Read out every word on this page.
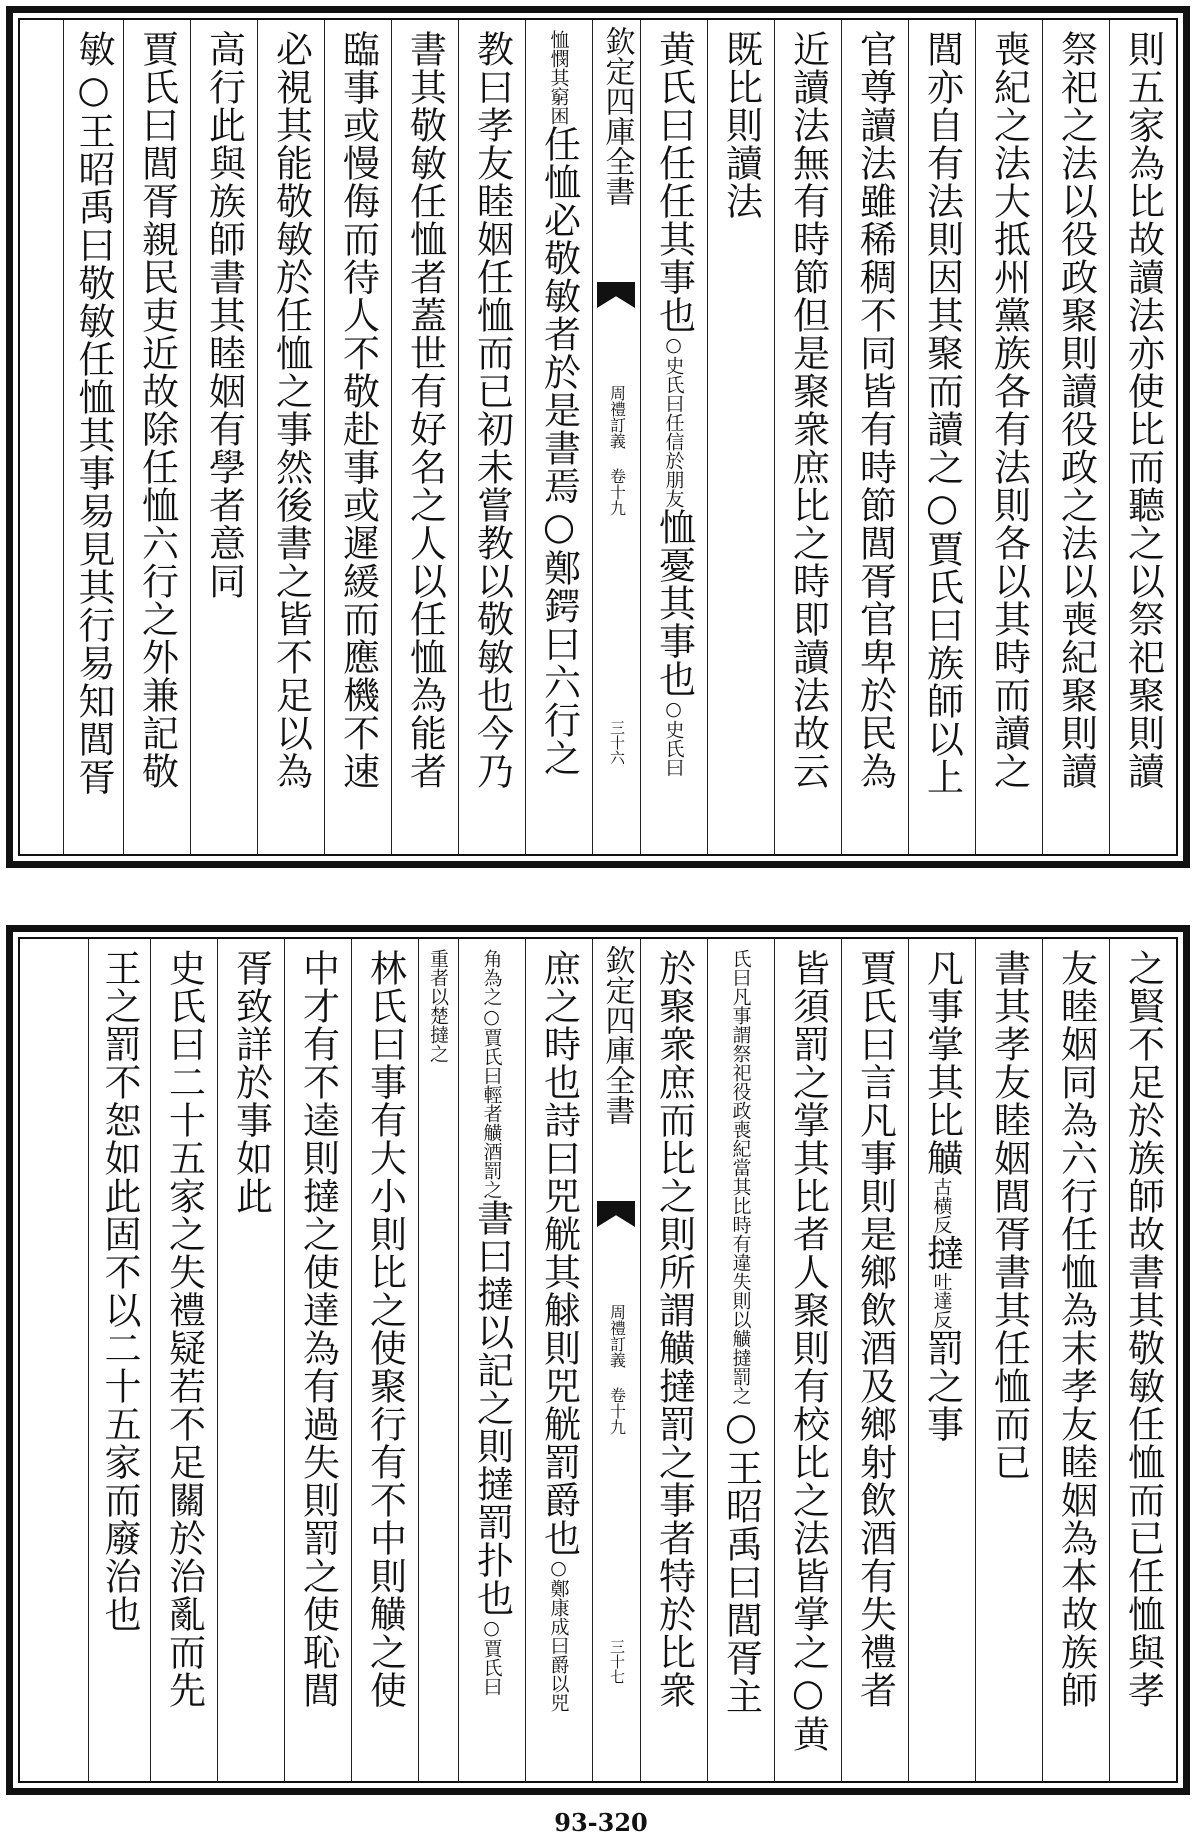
則五家為比故讀法亦使比而聽之以祭祀聚則讀
祭祀之法以役政聚則讀役政之法以喪紀聚則讀
喪紀之法大抵州黨族各有法則各以其時而讀之
閭亦自有法則因其聚而讀之○賈氏曰族師以上
官尊讀法雖稀稠不同皆有時節閭胥官卑於民為
近讀法無有時節但是聚衆庶比之時即讀法故云
既比則讀法
黄氏曰任任其事也○史氏曰任信於朋友恤憂其事也○史氏曰
欽定四庫全書
周禮訂義 卷十九
三十六
恤憫其窮困任恤必敬敏者於是書焉○鄭鍔曰六行之
教曰孝友睦姻任恤而已初未嘗教以敬敏也今乃
書其敬敏任恤者蓋世有好名之人以任恤為能者
臨事或慢侮而待人不敬赴事或遲緩而應機不速
必視其能敬敏於任恤之事然後書之皆不足以為
高行此與族師書其睦姻有學者意同
賈氏曰閭胥親民吏近故除任恤六行之外兼記敬
敏○王昭禹曰敬敏任恤其事易見其行易知閭胥
之賢不足於族師故書其敬敏任恤而已任恤與孝
友睦姻同為六行任恤為末孝友睦姻為本故族師
書其孝友睦姻閭胥書其任恤而已
凡事掌其比觵古横反撻吐達反罰之事
賈氏曰言凡事則是鄉飲酒及鄉射飲酒有失禮者
皆須罰之掌其比者人聚則有校比之法皆掌之○黄
氏曰凡事謂祭祀役政喪紀當其比時有違失則以觵撻罰之○王昭禹曰閭胥主
於聚衆庶而比之則所謂觵撻罰之事者特於比衆
欽定四庫全書
周禮訂義 卷十九
三十七
庶之時也詩曰兕觥其觩則兕觥罰爵也○鄭康成曰爵以兕
角為之○賈氏曰輕者觵酒罰之書曰撻以記之則撻罰扑也○賈氏曰
重者以楚撻之
林氏曰事有大小則比之使聚行有不中則觵之使
中才有不逵則撻之使達為有過失則罰之使恥閭
胥致詳於事如此
史氏曰二十五家之失禮疑若不足關於治亂而先
王之罰不恕如此固不以二十五家而廢治也
93-320
